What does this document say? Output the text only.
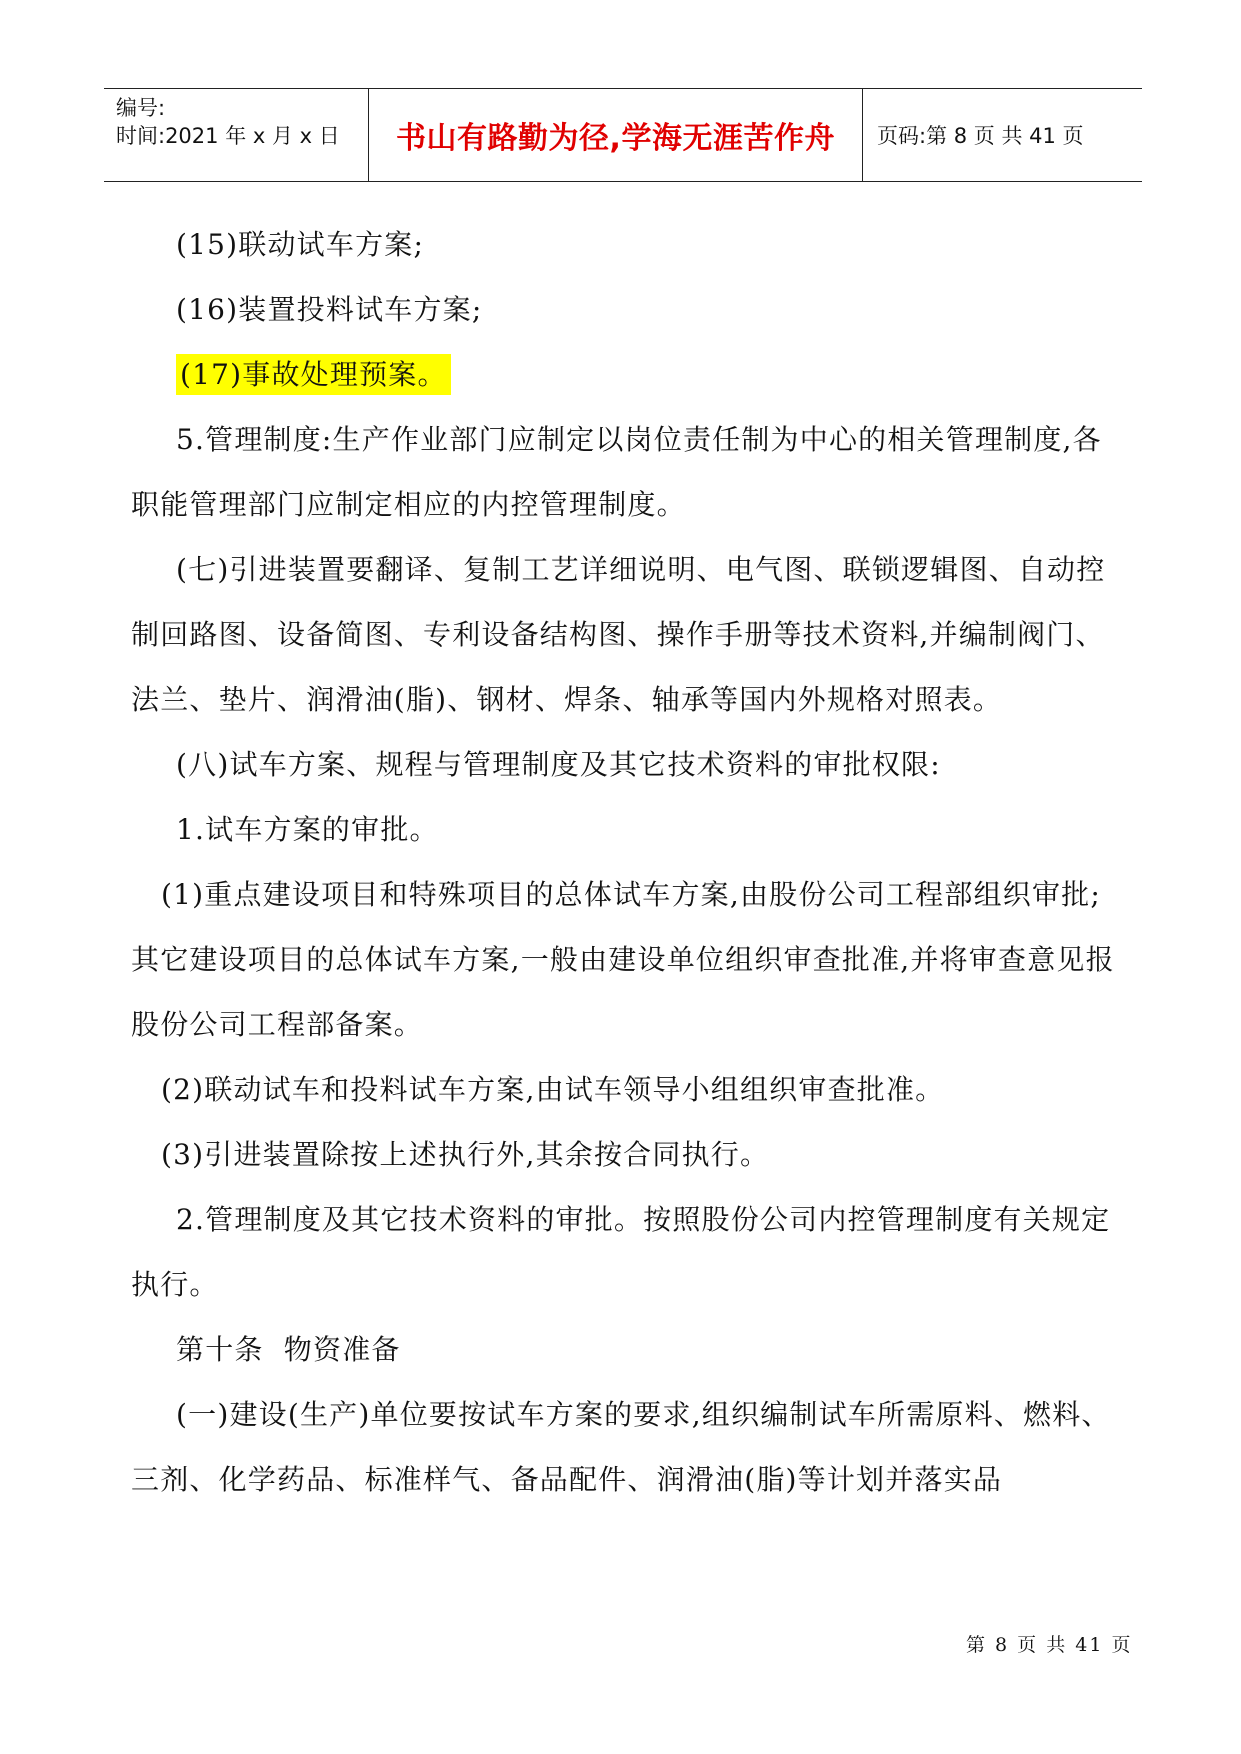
编号:
时间:2021 年 x 月 x 日	书山有路勤为径,学海无涯苦作舟 页码:第 8 页 共 41 页

(15)联动试车方案;

(16)装置投料试车方案;

(17)事故处理预案。

5.管理制度:生产作业部门应制定以岗位责任制为中心的相关管理制度,各职能管理部门应制定相应的内控管理制度。

(七)引进装置要翻译、复制工艺详细说明、电气图、联锁逻辑图、自动控制回路图、设备简图、专利设备结构图、操作手册等技术资料,并编制阀门、法兰、垫片、润滑油(脂)、钢材、焊条、轴承等国内外规格对照表。

(八)试车方案、规程与管理制度及其它技术资料的审批权限:

1.试车方案的审批。

(1)重点建设项目和特殊项目的总体试车方案,由股份公司工程部组织审批;其它建设项目的总体试车方案,一般由建设单位组织审查批准,并将审查意见报股份公司工程部备案。

(2)联动试车和投料试车方案,由试车领导小组组织审查批准。

(3)引进装置除按上述执行外,其余按合同执行。

2.管理制度及其它技术资料的审批。按照股份公司内控管理制度有关规定执行。

第十条  物资准备

(一)建设(生产)单位要按试车方案的要求,组织编制试车所需原料、燃料、三剂、化学药品、标准样气、备品配件、润滑油(脂)等计划并落实品

第 8 页 共 41 页
